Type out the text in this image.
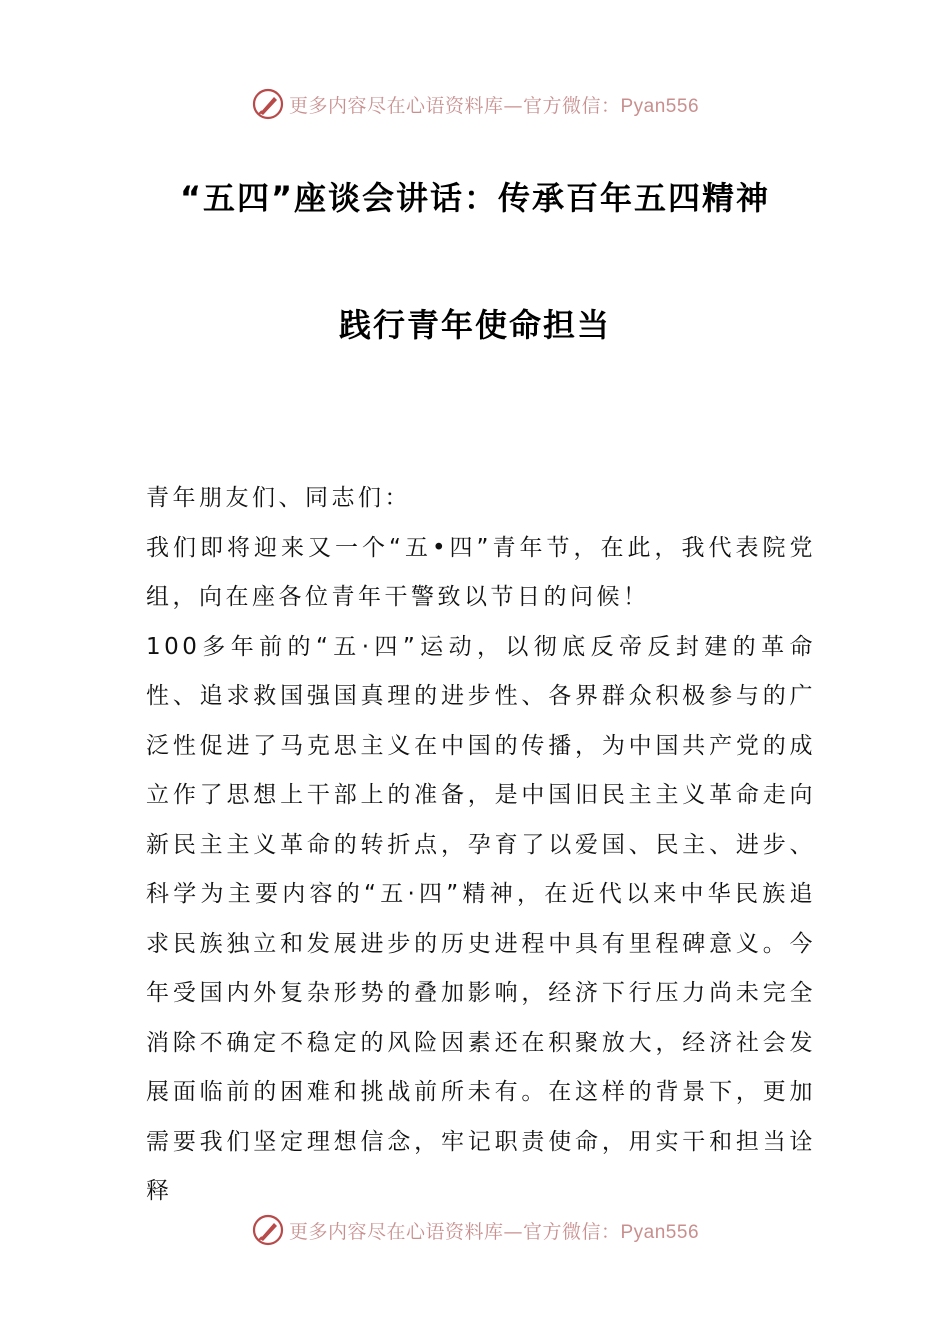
更多内容尽在心语资料库—官方微信：Pyan556
“五四”座谈会讲话：传承百年五四精神
践行青年使命担当

青年朋友们、同志们：

我们即将迎来又一个“五•四”青年节，在此，我代表院党组，向在座各位青年干警致以节日的问候！

100多年前的“五·四”运动，以彻底反帝反封建的革命性、追求救国强国真理的进步性、各界群众积极参与的广泛性促进了马克思主义在中国的传播，为中国共产党的成立作了思想上干部上的准备，是中国旧民主主义革命走向新民主主义革命的转折点，孕育了以爱国、民主、进步、科学为主要内容的“五·四”精神，在近代以来中华民族追求民族独立和发展进步的历史进程中具有里程碑意义。今年受国内外复杂形势的叠加影响，经济下行压力尚未完全消除不确定不稳定的风险因素还在积聚放大，经济社会发展面临前的困难和挑战前所未有。在这样的背景下，更加需要我们坚定理想信念，牢记职责使命，用实干和担当诠释

更多内容尽在心语资料库—官方微信：Pyan556
